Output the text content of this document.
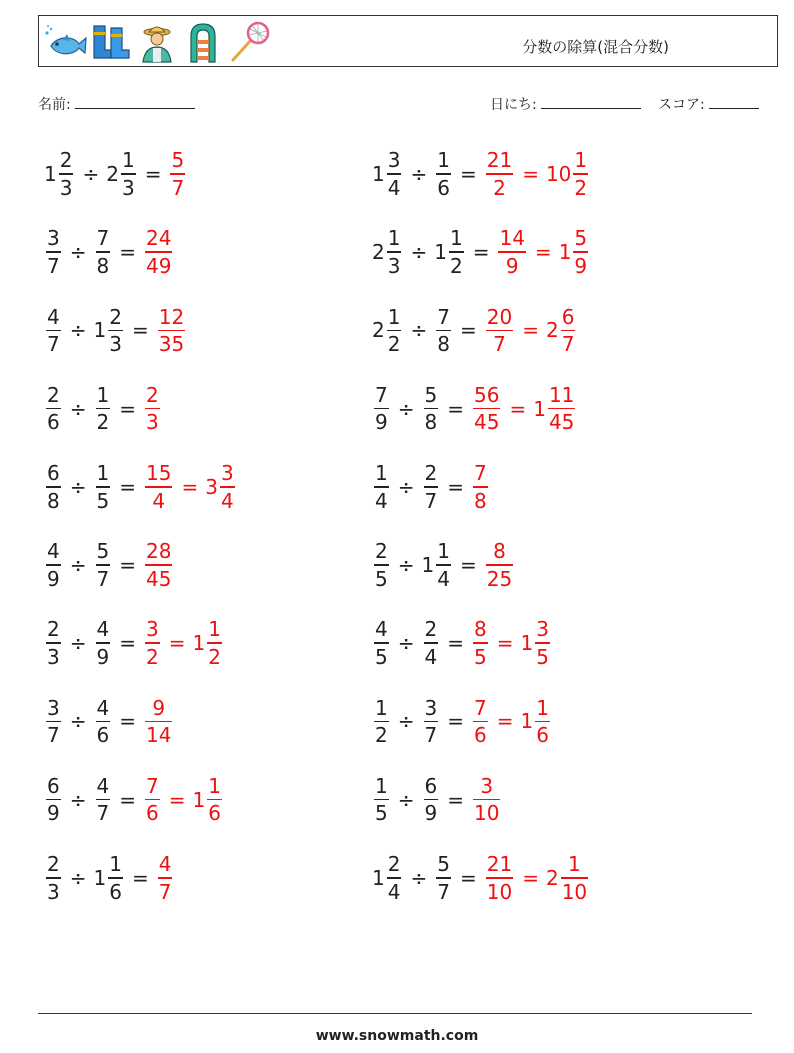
分数の除算(混合分数)
名前:	日にち:	スコア:
$1 \frac{2}{3} \div 2 \frac{1}{3} = \frac{5}{7}$	$1 \frac{3}{4} \div \frac{1}{6} = \frac{21}{2} = 10 \frac{1}{2}$
$\frac{3}{7} \div \frac{7}{8} = \frac{24}{49}$	$2 \frac{1}{3} \div 1 \frac{1}{2} = \frac{14}{9} = 1 \frac{5}{9}$
$\frac{4}{7} \div 1 \frac{2}{3} = \frac{12}{35}$	$2 \frac{1}{2} \div \frac{7}{8} = \frac{20}{7} = 2 \frac{6}{7}$
$\frac{2}{6} \div \frac{1}{2} = \frac{2}{3}$	$\frac{7}{9} \div \frac{5}{8} = \frac{56}{45} = 1 \frac{11}{45}$
$\frac{6}{8} \div \frac{1}{5} = \frac{15}{4} = 3 \frac{3}{4}$	$\frac{1}{4} \div \frac{2}{7} = \frac{7}{8}$
$\frac{4}{9} \div \frac{5}{7} = \frac{28}{45}$	$\frac{2}{5} \div 1 \frac{1}{4} = \frac{8}{25}$
$\frac{2}{3} \div \frac{4}{9} = \frac{3}{2} = 1 \frac{1}{2}$	$\frac{4}{5} \div \frac{2}{4} = \frac{8}{5} = 1 \frac{3}{5}$
$\frac{3}{7} \div \frac{4}{6} = \frac{9}{14}$	$\frac{1}{2} \div \frac{3}{7} = \frac{7}{6} = 1 \frac{1}{6}$
$\frac{6}{9} \div \frac{4}{7} = \frac{7}{6} = 1 \frac{1}{6}$	$\frac{1}{5} \div \frac{6}{9} = \frac{3}{10}$
$\frac{2}{3} \div 1 \frac{1}{6} = \frac{4}{7}$	$1 \frac{2}{4} \div \frac{5}{7} = \frac{21}{10} = 2 \frac{1}{10}$
www.snowmath.com
